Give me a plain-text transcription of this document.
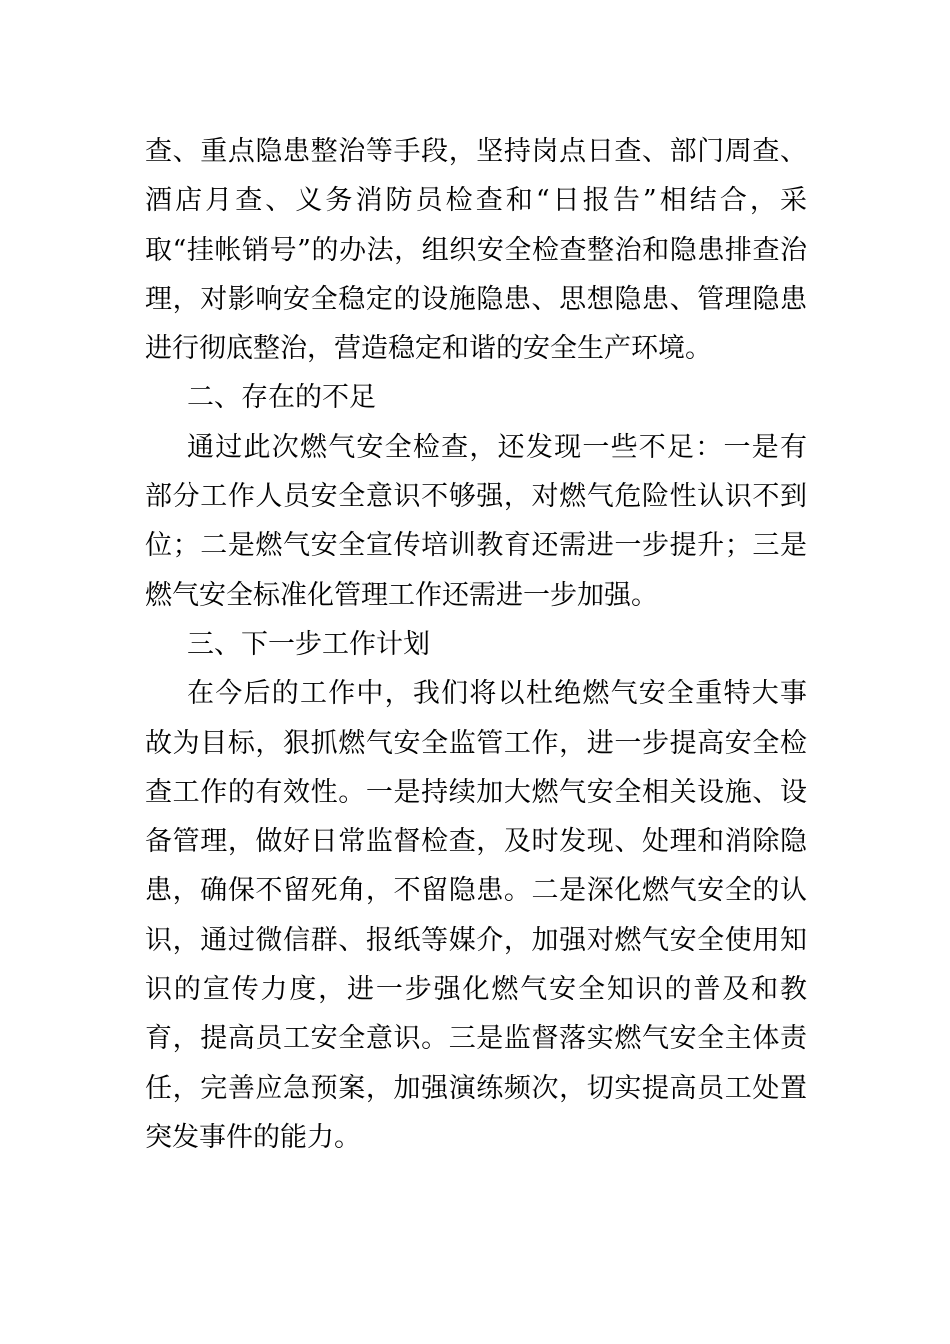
查、重点隐患整治等手段，坚持岗点日查、部门周查、酒店月查、义务消防员检查和“日报告”相结合，采取“挂帐销号”的办法，组织安全检查整治和隐患排查治理，对影响安全稳定的设施隐患、思想隐患、管理隐患进行彻底整治，营造稳定和谐的安全生产环境。

二、存在的不足

通过此次燃气安全检查，还发现一些不足：一是有部分工作人员安全意识不够强，对燃气危险性认识不到位；二是燃气安全宣传培训教育还需进一步提升；三是燃气安全标准化管理工作还需进一步加强。

三、下一步工作计划

在今后的工作中，我们将以杜绝燃气安全重特大事故为目标，狠抓燃气安全监管工作，进一步提高安全检查工作的有效性。一是持续加大燃气安全相关设施、设备管理，做好日常监督检查，及时发现、处理和消除隐患，确保不留死角，不留隐患。二是深化燃气安全的认识，通过微信群、报纸等媒介，加强对燃气安全使用知识的宣传力度，进一步强化燃气安全知识的普及和教育，提高员工安全意识。三是监督落实燃气安全主体责任，完善应急预案，加强演练频次，切实提高员工处置突发事件的能力。
